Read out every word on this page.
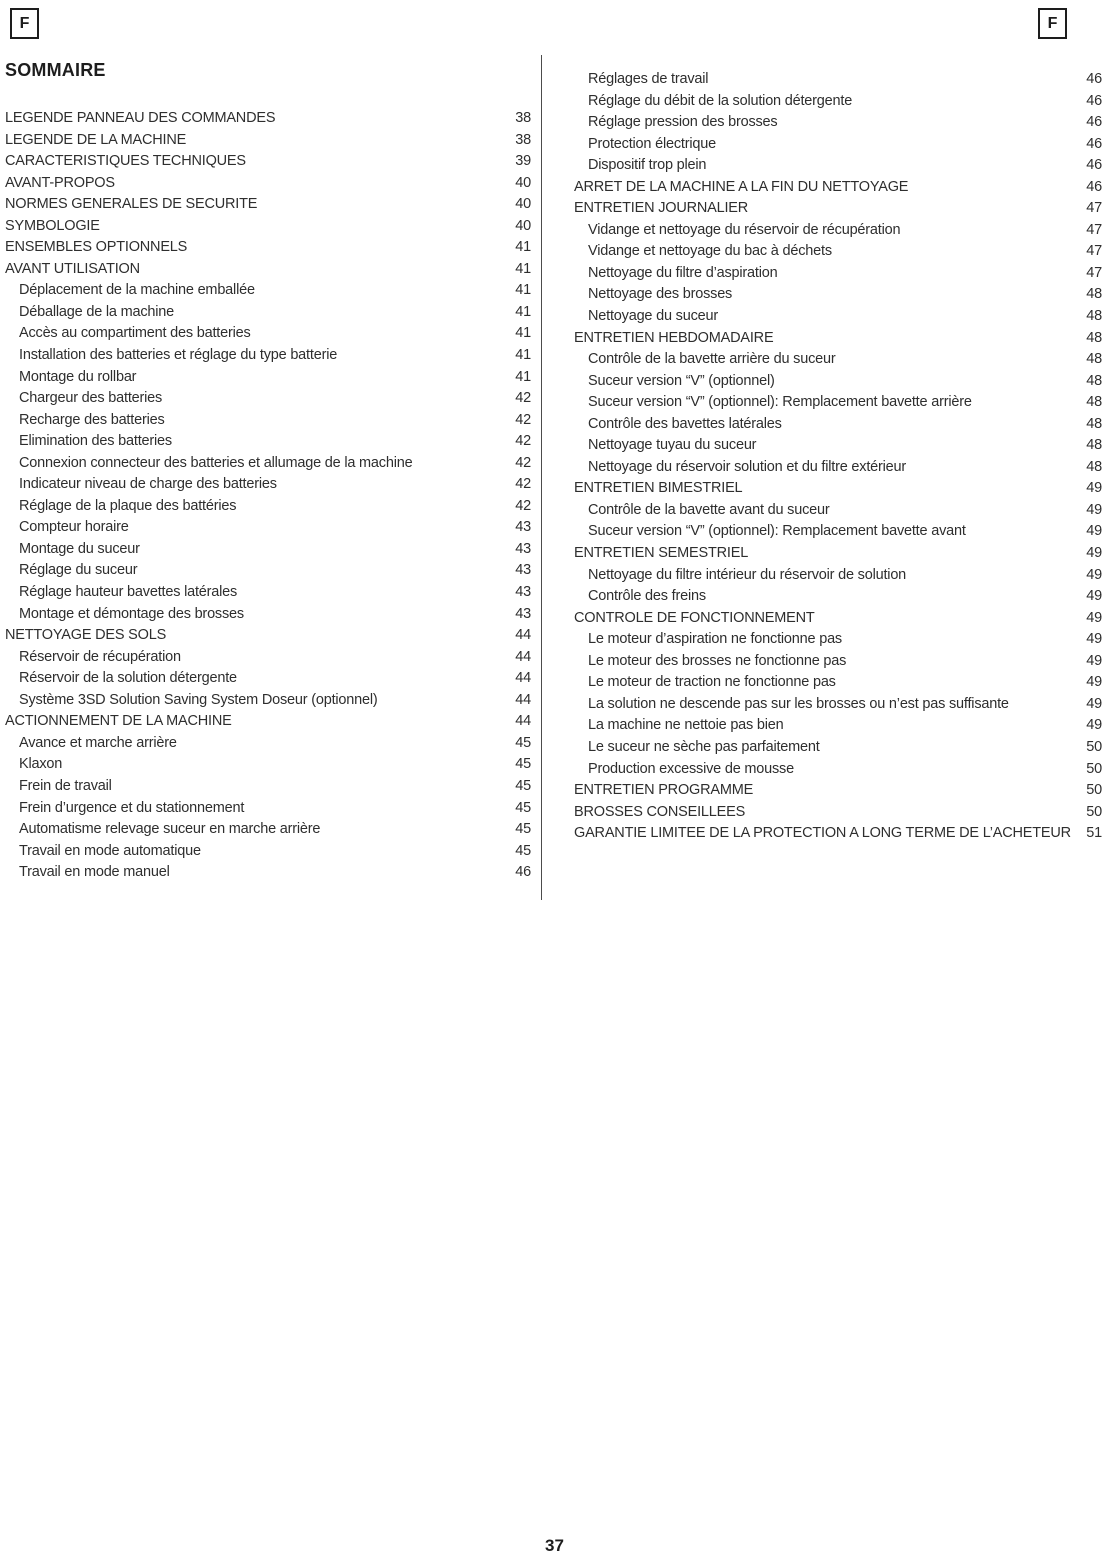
F	F
SOMMAIRE
LEGENDE PANNEAU DES COMMANDES	38
LEGENDE DE LA MACHINE	38
CARACTERISTIQUES TECHNIQUES	39
AVANT-PROPOS	40
NORMES GENERALES DE SECURITE	40
SYMBOLOGIE	40
ENSEMBLES OPTIONNELS	41
AVANT UTILISATION	41
Déplacement de la machine emballée	41
Déballage de la machine	41
Accès au compartiment des batteries	41
Installation des batteries et réglage du type batterie	41
Montage du rollbar	41
Chargeur des batteries	42
Recharge des batteries	42
Elimination des batteries	42
Connexion connecteur des batteries et allumage de la machine	42
Indicateur niveau de charge des batteries	42
Réglage de la plaque des battéries	42
Compteur horaire	43
Montage du suceur	43
Réglage du suceur	43
Réglage hauteur bavettes latérales	43
Montage et démontage des brosses	43
NETTOYAGE DES SOLS	44
Réservoir de récupération	44
Réservoir de la solution détergente	44
Système 3SD Solution Saving System Doseur (optionnel)	44
ACTIONNEMENT DE LA MACHINE	44
Avance et marche arrière	45
Klaxon	45
Frein de travail	45
Frein d’urgence et du stationnement	45
Automatisme relevage suceur en marche arrière	45
Travail en mode automatique	45
Travail en mode manuel	46
Réglages de travail	46
Réglage du débit de la solution détergente	46
Réglage pression des brosses	46
Protection électrique	46
Dispositif trop plein	46
ARRET DE LA MACHINE A LA FIN DU NETTOYAGE	46
ENTRETIEN JOURNALIER	47
Vidange et nettoyage du réservoir de récupération	47
Vidange et nettoyage du bac à déchets	47
Nettoyage du filtre d’aspiration	47
Nettoyage des brosses	48
Nettoyage du suceur	48
ENTRETIEN HEBDOMADAIRE	48
Contrôle de la bavette arrière du suceur	48
Suceur version “V” (optionnel)	48
Suceur version “V” (optionnel): Remplacement bavette arrière	48
Contrôle des bavettes latérales	48
Nettoyage tuyau du suceur	48
Nettoyage du réservoir solution et du filtre extérieur	48
ENTRETIEN BIMESTRIEL	49
Contrôle de la bavette avant du suceur	49
Suceur version “V” (optionnel): Remplacement bavette avant	49
ENTRETIEN SEMESTRIEL	49
Nettoyage du filtre intérieur du réservoir de solution	49
Contrôle des freins	49
CONTROLE DE FONCTIONNEMENT	49
Le moteur d’aspiration ne fonctionne pas	49
Le moteur des brosses ne fonctionne pas	49
Le moteur de traction ne fonctionne pas	49
La solution ne descende pas sur les brosses ou n’est pas suffisante	49
La machine ne nettoie pas bien	49
Le suceur ne sèche pas parfaitement	50
Production excessive de mousse	50
ENTRETIEN PROGRAMME	50
BROSSES CONSEILLEES	50
GARANTIE LIMITEE DE LA PROTECTION A LONG TERME DE L’ACHETEUR	51
37
